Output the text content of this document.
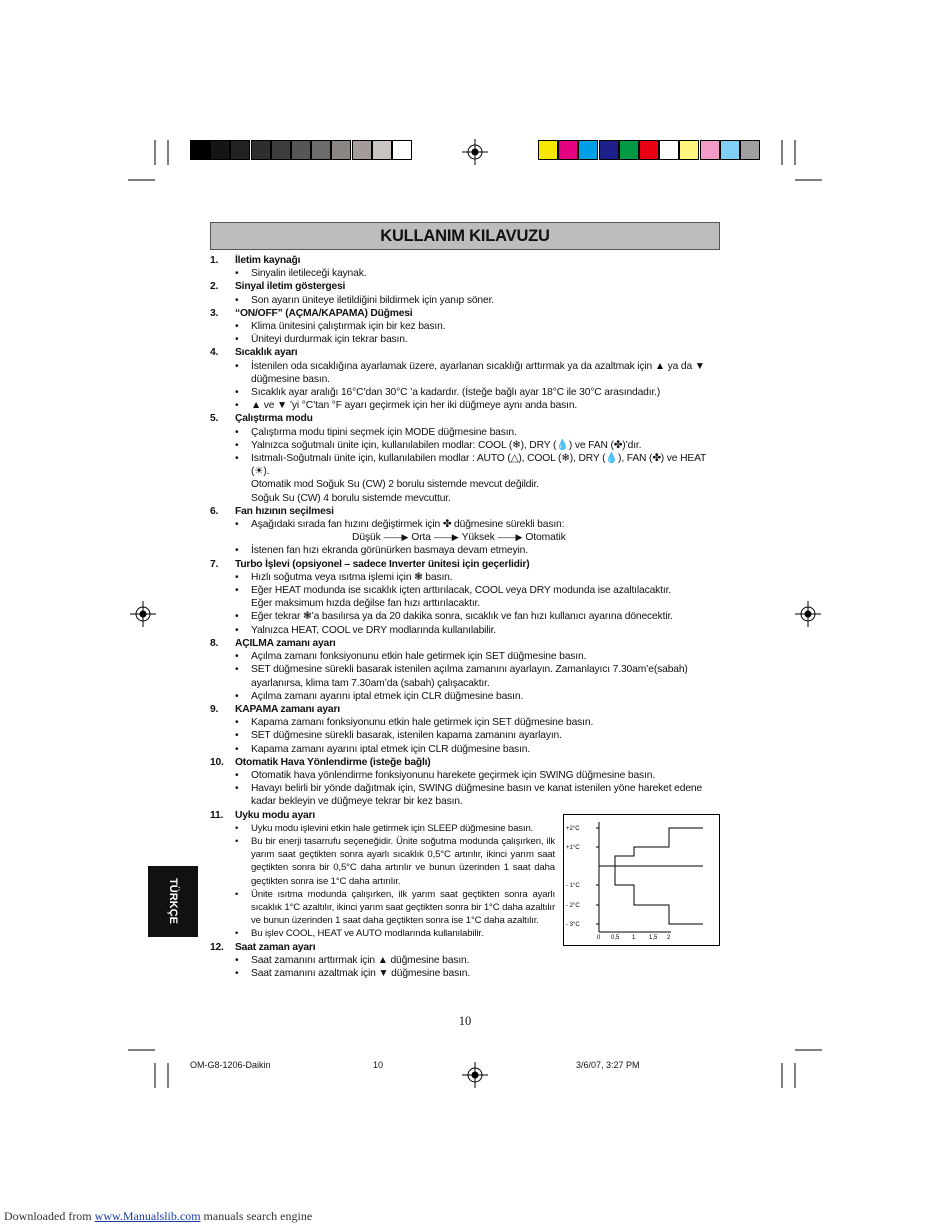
KULLANIM KILAVUZU
1. İletim kaynağı
• Sinyalin iletileceği kaynak.
2. Sinyal iletim göstergesi
• Son ayarın üniteye iletildiğini bildirmek için yanıp söner.
3. “ON/OFF” (AÇMA/KAPAMA) Düğmesi
• Klima ünitesini çalıştırmak için bir kez basın.
• Üniteyi durdurmak için tekrar basın.
4. Sıcaklık ayarı
• İstenilen oda sıcaklığına ayarlamak üzere, ayarlanan sıcaklığı arttırmak ya da azaltmak için ▲ ya da ▼ düğmesine basın.
• Sıcaklık ayar aralığı 16°C’dan 30°C ’a kadardır. (İsteğe bağlı ayar 18°C ile 30°C arasındadır.)
• ▲ ve ▼ ’yi °C’tan °F ayarı geçirmek için her iki düğmeye aynı anda basın.
5. Çalıştırma modu
• Çalıştırma modu tipini seçmek için MODE düğmesine basın.
• Yalnızca soğutmalı ünite için, kullanılabilen modlar: COOL (❄), DRY (💧) ve FAN (✤)’dır.
• Isıtmalı-Soğutmalı ünite için, kullanılabilen modlar : AUTO (△), COOL (❄), DRY (💧), FAN (✤) ve HEAT (☀).
Otomatik mod Soğuk Su (CW) 2 borulu sistemde mevcut değildir.
Soğuk Su (CW) 4 borulu sistemde mevcuttur.
6. Fan hızının seçilmesi
• Aşağıdaki sırada fan hızını değiştirmek için ✤ düğmesine sürekli basın:
Düşük ——▶ Orta ——▶ Yüksek ——▶ Otomatik
• İstenen fan hızı ekranda görünürken basmaya devam etmeyin.
7. Turbo İşlevi (opsiyonel – sadece Inverter ünitesi için geçerlidir)
• Hızlı soğutma veya ısıtma işlemi için ❃ basın.
• Eğer HEAT modunda ise sıcaklık içten arttırılacak, COOL veya DRY modunda ise azaltılacaktır.
Eğer maksimum hızda değilse fan hızı arttırılacaktır.
• Eğer tekrar ❃’a basılırsa ya da 20 dakika sonra, sıcaklık ve fan hızı kullanıcı ayarına dönecektir.
• Yalnızca HEAT, COOL ve DRY modlarında kullanılabilir.
8. AÇILMA zamanı ayarı
• Açılma zamanı fonksiyonunu etkin hale getirmek için SET düğmesine basın.
• SET düğmesine sürekli basarak istenilen açılma zamanını ayarlayın. Zamanlayıcı 7.30am’e(sabah) ayarlanırsa, klima tam 7.30am’da (sabah) çalışacaktır.
• Açılma zamanı ayarını iptal etmek için CLR düğmesine basın.
9. KAPAMA zamanı ayarı
• Kapama zamanı fonksiyonunu etkin hale getirmek için SET düğmesine basın.
• SET düğmesine sürekli basarak, istenilen kapama zamanını ayarlayın.
• Kapama zamanı ayarını iptal etmek için CLR düğmesine basın.
10. Otomatik Hava Yönlendirme (isteğe bağlı)
• Otomatik hava yönlendirme fonksiyonunu harekete geçirmek için SWING düğmesine basın.
• Havayı belirli bir yönde dağıtmak için, SWING düğmesine basın ve kanat istenilen yöne hareket edene kadar bekleyin ve düğmeye tekrar bir kez basın.
11. Uyku modu ayarı
• Uyku modu işlevini etkin hale getirmek için SLEEP düğmesine basın.
• Bu bir enerji tasarrufu seçeneğidir. Ünite soğutma modunda çalışırken, ilk yarım saat geçtikten sonra ayarlı sıcaklık 0,5°C artırılır, ikinci yarım saat geçtikten sonra bir 0,5°C daha artırılır ve bunun üzerinden 1 saat daha geçtikten sonra ise 1°C daha artırılır.
• Ünite ısıtma modunda çalışırken, ilk yarım saat geçtikten sonra ayarlı sıcaklık 1°C azaltılır, ikinci yarım saat geçtikten sonra bir 1°C daha azaltılır ve bunun üzerinden 1 saat daha geçtikten sonra ise 1°C daha azaltılır.
• Bu işlev COOL, HEAT ve AUTO modlarında kullanılabilir.
12. Saat zaman ayarı
• Saat zamanını arttırmak için ▲ düğmesine basın.
• Saat zamanını azaltmak için ▼ düğmesine basın.
+2°C
+1°C
- 1°C
- 2°C
- 3°C
0 0,5 1 1,5 2
TÜRKÇE
10
OM-G8-1206-Daikin	10	3/6/07, 3:27 PM
Downloaded from www.Manualslib.com manuals search engine
